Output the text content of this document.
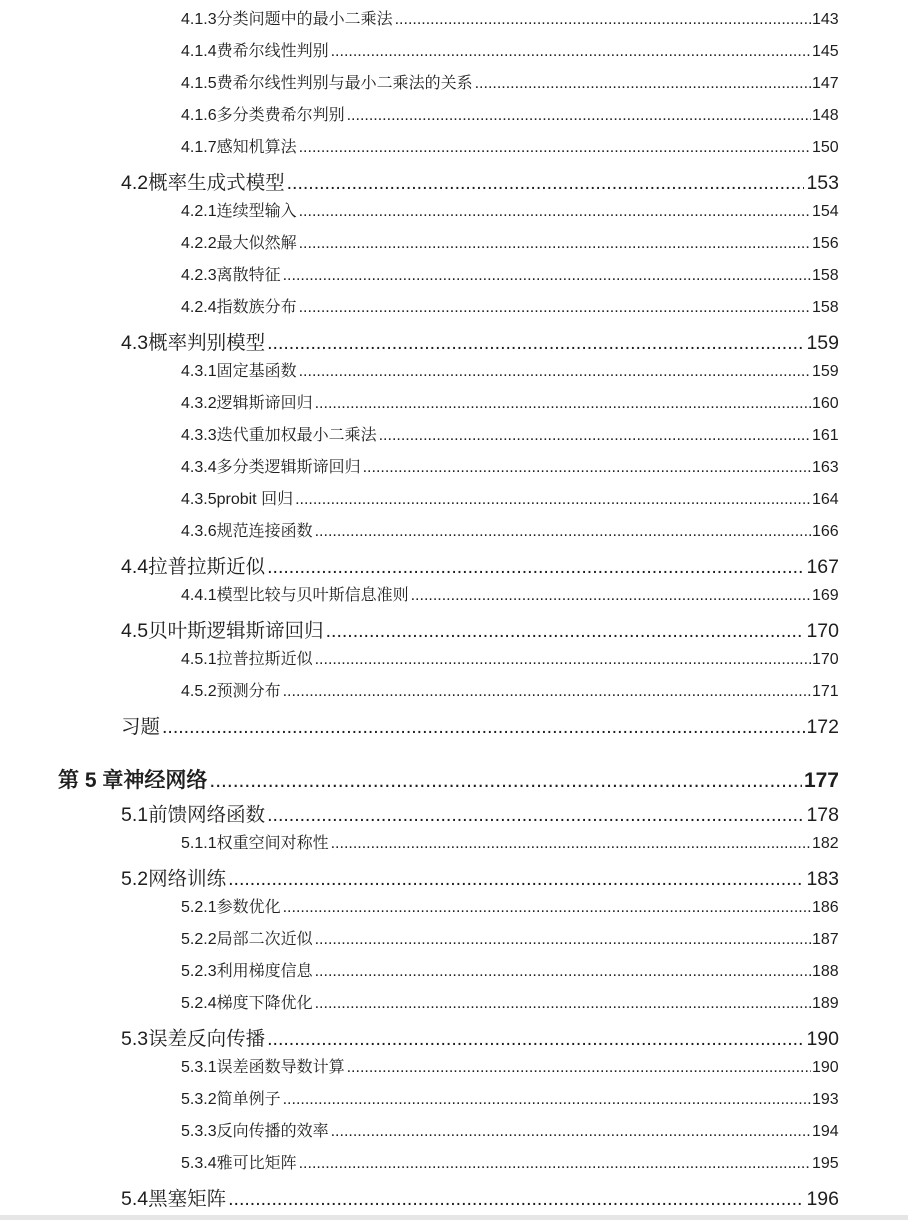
4.1.3 分类问题中的最小二乘法 .....	143
4.1.4 费希尔线性判别 .....	145
4.1.5 费希尔线性判别与最小二乘法的关系 .....	147
4.1.6 多分类费希尔判别 .....	148
4.1.7 感知机算法 .....	150
4.2 概率生成式模型 .....	153
4.2.1 连续型输入 .....	154
4.2.2 最大似然解 .....	156
4.2.3 离散特征 .....	158
4.2.4 指数族分布 .....	158
4.3 概率判别模型 .....	159
4.3.1 固定基函数 .....	159
4.3.2 逻辑斯谛回归 .....	160
4.3.3 迭代重加权最小二乘法 .....	161
4.3.4 多分类逻辑斯谛回归 .....	163
4.3.5 probit 回归 .....	164
4.3.6 规范连接函数 .....	166
4.4 拉普拉斯近似 .....	167
4.4.1 模型比较与贝叶斯信息准则 .....	169
4.5 贝叶斯逻辑斯谛回归 .....	170
4.5.1 拉普拉斯近似 .....	170
4.5.2 预测分布 .....	171
习题 .....	172
第 5 章 神经网络 .....	177
5.1 前馈网络函数 .....	178
5.1.1 权重空间对称性 .....	182
5.2 网络训练 .....	183
5.2.1 参数优化 .....	186
5.2.2 局部二次近似 .....	187
5.2.3 利用梯度信息 .....	188
5.2.4 梯度下降优化 .....	189
5.3 误差反向传播 .....	190
5.3.1 误差函数导数计算 .....	190
5.3.2 简单例子 .....	193
5.3.3 反向传播的效率 .....	194
5.3.4 雅可比矩阵 .....	195
5.4 黑塞矩阵 .....	196
